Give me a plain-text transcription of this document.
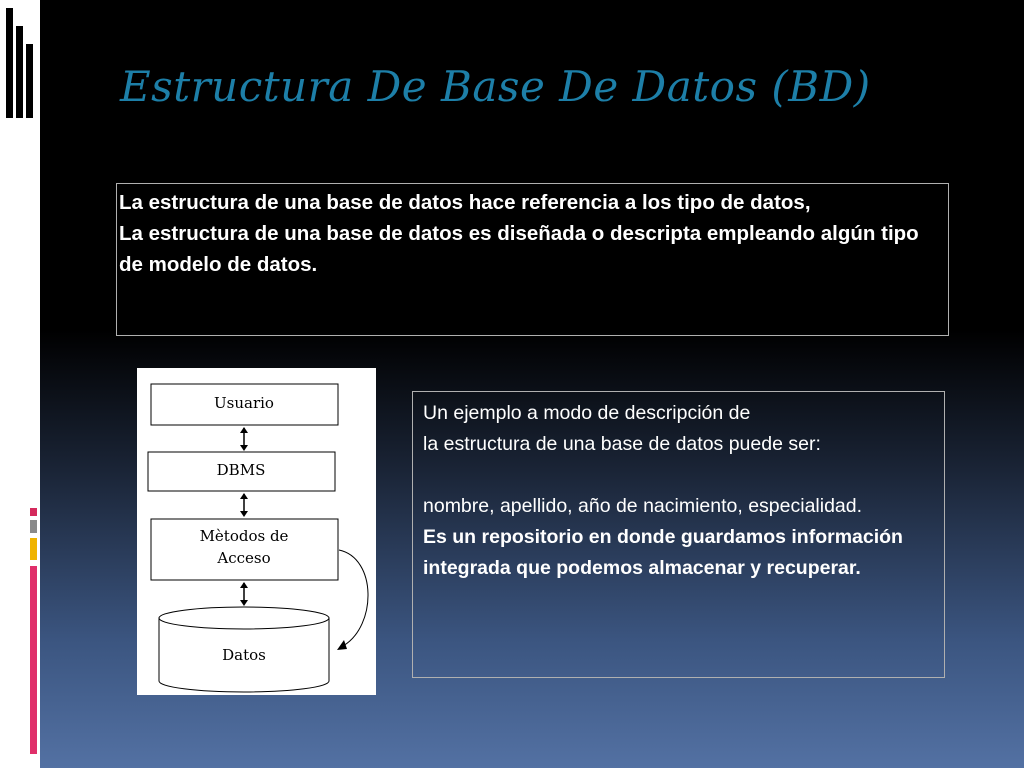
Estructura De Base De Datos (BD)

La estructura de una base de datos hace referencia a los tipo de datos,

La estructura de una base de datos es diseñada o descripta empleando algún tipo de modelo de datos.

Usuario
DBMS
Mètodos de
Acceso
Datos

Un ejemplo a modo de descripción de

la estructura de una base de datos puede ser:

nombre, apellido, año de nacimiento, especialidad.

Es un repositorio en donde guardamos información integrada que podemos almacenar y recuperar.
